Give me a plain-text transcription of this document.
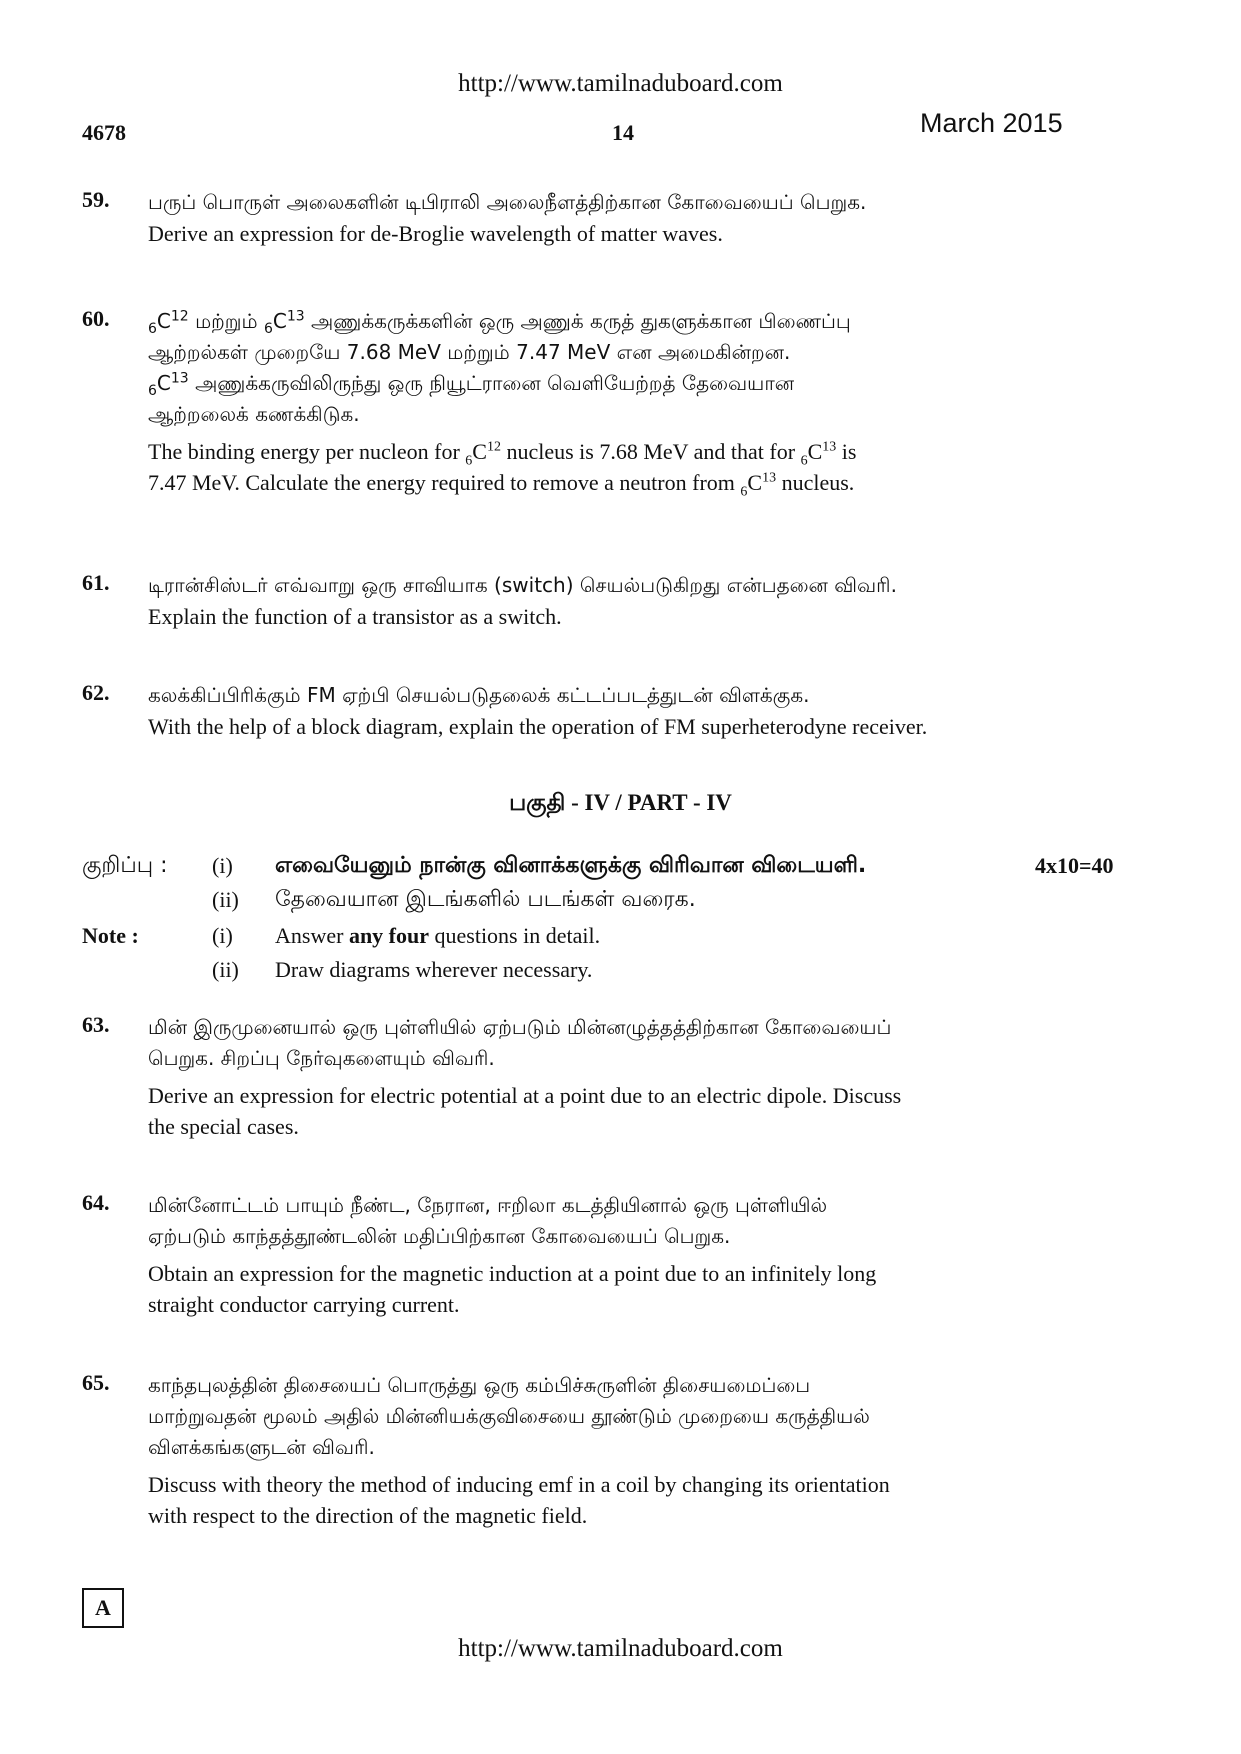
http://www.tamilnaduboard.com
4678	14	March 2015
59. பருப் பொருள் அலைகளின் டிபிராலி அலைநீளத்திற்கான கோவையைப் பெறுக.
Derive an expression for de-Broglie wavelength of matter waves.
60.	$_6C^{12}$ மற்றும் $_6C^{13}$ அணுக்கருக்களின் ஒரு அணுக் கருத் துகளுக்கான பிணைப்பு
ஆற்றல்கள் முறையே 7.68 MeV மற்றும் 7.47 MeV என அமைகின்றன.
$_6C^{13}$ அணுக்கருவிலிருந்து ஒரு நியூட்ரானை வெளியேற்றத் தேவையான
ஆற்றலைக் கணக்கிடுக.
The binding energy per nucleon for $_6C^{12}$ nucleus is 7.68 MeV and that for $_6C^{13}$ is
7.47 MeV. Calculate the energy required to remove a neutron from $_6C^{13}$ nucleus.
61. டிரான்சிஸ்டர் எவ்வாறு ஒரு சாவியாக (switch) செயல்படுகிறது என்பதனை விவரி.
Explain the function of a transistor as a switch.
62. கலக்கிப்பிரிக்கும் FM ஏற்பி செயல்படுதலைக் கட்டப்படத்துடன் விளக்குக.
With the help of a block diagram, explain the operation of FM superheterodyne receiver.
பகுதி - IV / PART - IV
குறிப்பு : (i) எவையேனும் நான்கு வினாக்களுக்கு விரிவான விடையளி.	4x10=40
(ii) தேவையான இடங்களில் படங்கள் வரைக.
Note :	(i) Answer any four questions in detail.
(ii) Draw diagrams wherever necessary.
63. மின் இருமுனையால் ஒரு புள்ளியில் ஏற்படும் மின்னழுத்தத்திற்கான கோவையைப்
பெறுக. சிறப்பு நேர்வுகளையும் விவரி.
Derive an expression for electric potential at a point due to an electric dipole. Discuss
the special cases.
64. மின்னோட்டம் பாயும் நீண்ட, நேரான, ஈறிலா கடத்தியினால் ஒரு புள்ளியில்
ஏற்படும் காந்தத்தூண்டலின் மதிப்பிற்கான கோவையைப் பெறுக.
Obtain an expression for the magnetic induction at a point due to an infinitely long
straight conductor carrying current.
65. காந்தபுலத்தின் திசையைப் பொருத்து ஒரு கம்பிச்சுருளின் திசையமைப்பை
மாற்றுவதன் மூலம் அதில் மின்னியக்குவிசையை தூண்டும் முறையை கருத்தியல்
விளக்கங்களுடன் விவரி.
Discuss with theory the method of inducing emf in a coil by changing its orientation
with respect to the direction of the magnetic field.
A
http://www.tamilnaduboard.com
